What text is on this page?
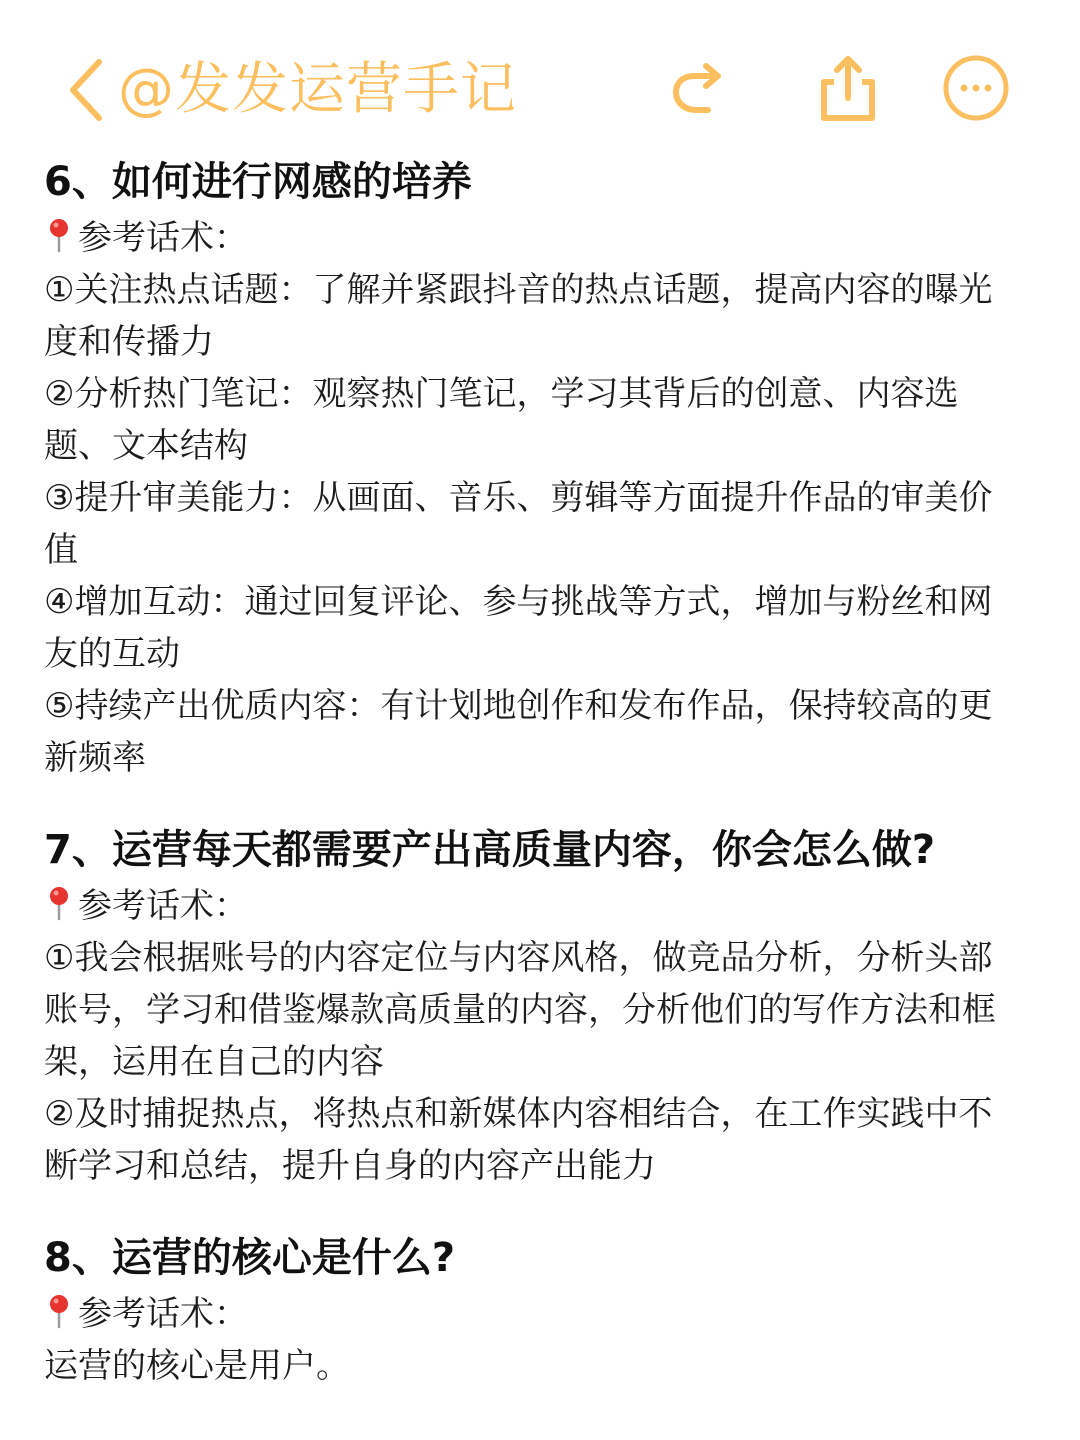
@发发运营手记
6、如何进行网感的培养
参考话术：

①关注热点话题：了解并紧跟抖音的热点话题，提高内容的曝光度和传播力

②分析热门笔记：观察热门笔记，学习其背后的创意、内容选题、文本结构

③提升审美能力：从画面、音乐、剪辑等方面提升作品的审美价值

④增加互动：通过回复评论、参与挑战等方式，增加与粉丝和网友的互动

⑤持续产出优质内容：有计划地创作和发布作品，保持较高的更新频率

7、运营每天都需要产出高质量内容，你会怎么做?
参考话术：

①我会根据账号的内容定位与内容风格，做竞品分析，分析头部账号，学习和借鉴爆款高质量的内容，分析他们的写作方法和框架，运用在自己的内容

②及时捕捉热点，将热点和新媒体内容相结合，在工作实践中不断学习和总结，提升自身的内容产出能力

8、运营的核心是什么?
参考话术：

运营的核心是用户。
